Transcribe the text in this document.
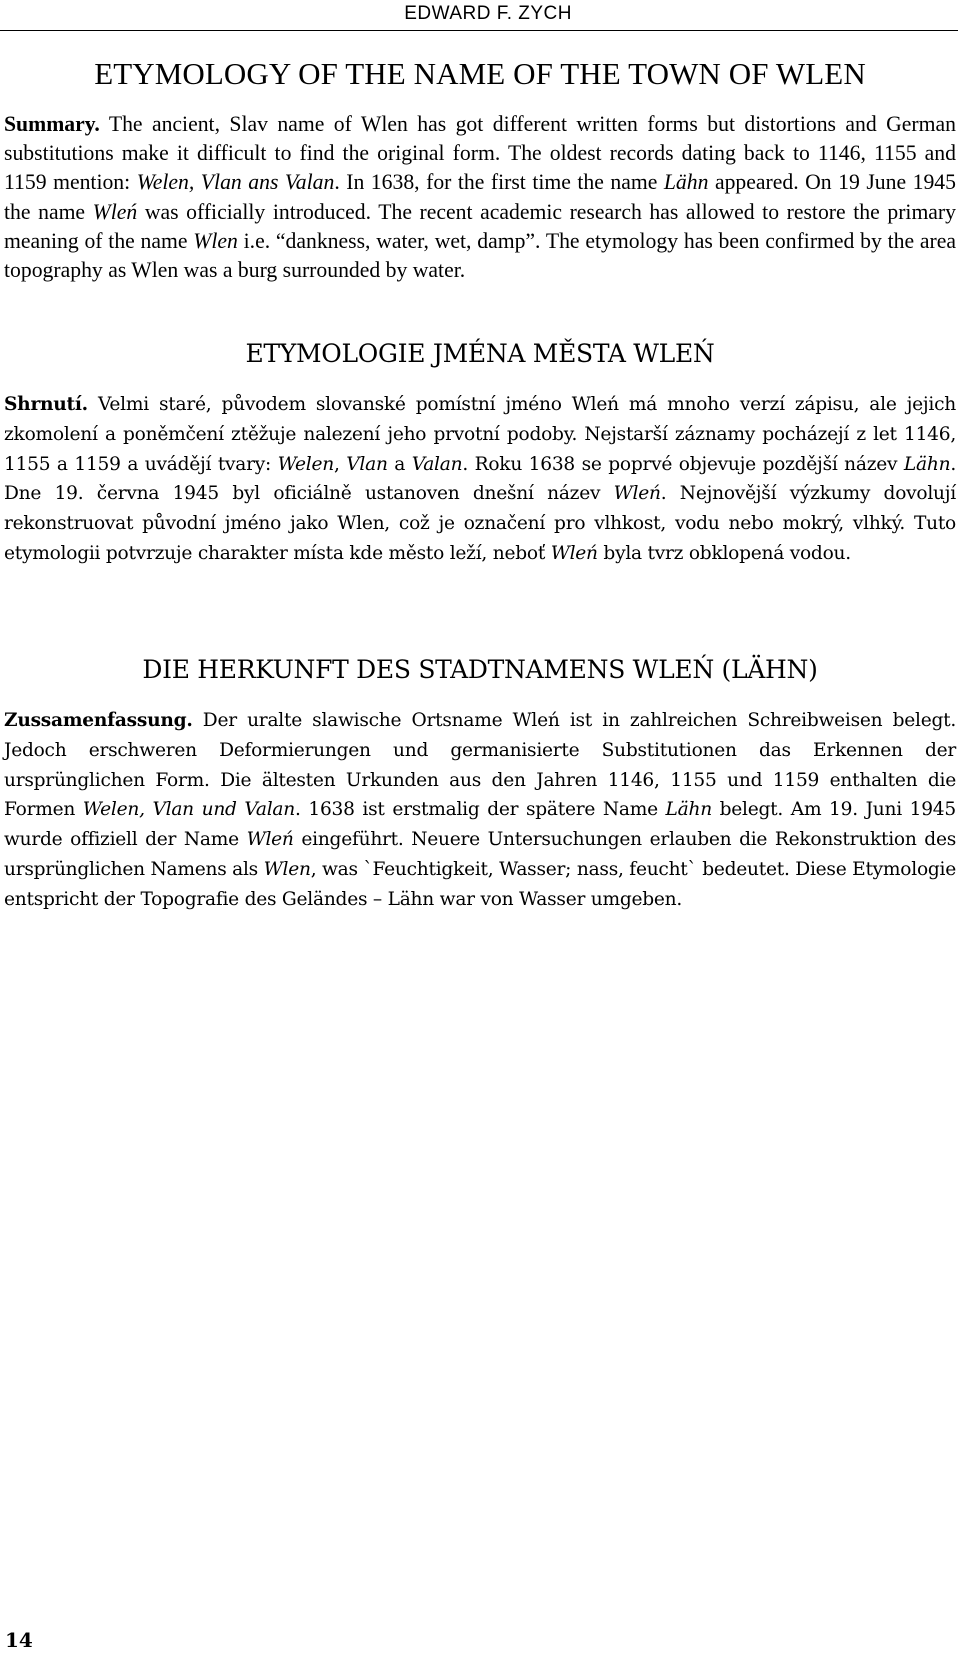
EDWARD F. ZYCH
ETYMOLOGY OF THE NAME OF THE TOWN OF WLEN

Summary. The ancient, Slav name of Wlen has got different written forms but distortions and German substitutions make it difficult to find the original form. The oldest records dating back to 1146, 1155 and 1159 mention: Welen, Vlan ans Valan. In 1638, for the first time the name Lähn appeared. On 19 June 1945 the name Wleń was officially introduced. The recent academic research has allowed to restore the primary meaning of the name Wlen i.e. “dankness, water, wet, damp”. The etymology has been confirmed by the area topography as Wlen was a burg surrounded by water.

ETYMOLOGIE JMÉNA MĚSTA WLEŃ

Shrnutí. Velmi staré, původem slovanské pomístní jméno Wleń má mnoho verzí zápisu, ale jejich zkomolení a poněmčení ztěžuje nalezení jeho prvotní podoby. Nejstarší záznamy pocházejí z let 1146, 1155 a 1159 a uvádějí tvary: Welen, Vlan a Valan. Roku 1638 se poprvé objevuje pozdější název Lähn. Dne 19. června 1945 byl oficiálně ustanoven dnešní název Wleń. Nejnovější výzkumy dovolují rekonstruovat původní jméno jako Wlen, což je označení pro vlhkost, vodu nebo mokrý, vlhký. Tuto etymologii potvrzuje charakter místa kde město leží, neboť Wleń byla tvrz obklopená vodou.

DIE HERKUNFT DES STADTNAMENS WLEŃ (LÄHN)

Zussamenfassung. Der uralte slawische Ortsname Wleń ist in zahlreichen Schreibweisen belegt. Jedoch erschweren Deformierungen und germanisierte Substitutionen das Erkennen der ursprünglichen Form. Die ältesten Urkunden aus den Jahren 1146, 1155 und 1159 enthalten die Formen Welen, Vlan und Valan. 1638 ist erstmalig der spätere Name Lähn belegt. Am 19. Juni 1945 wurde offiziell der Name Wleń eingeführt. Neuere Untersuchungen erlauben die Rekonstruktion des ursprünglichen Namens als Wlen, was `Feuchtigkeit, Wasser; nass, feucht` bedeutet. Diese Etymologie entspricht der Topografie des Geländes – Lähn war von Wasser umgeben.

14
